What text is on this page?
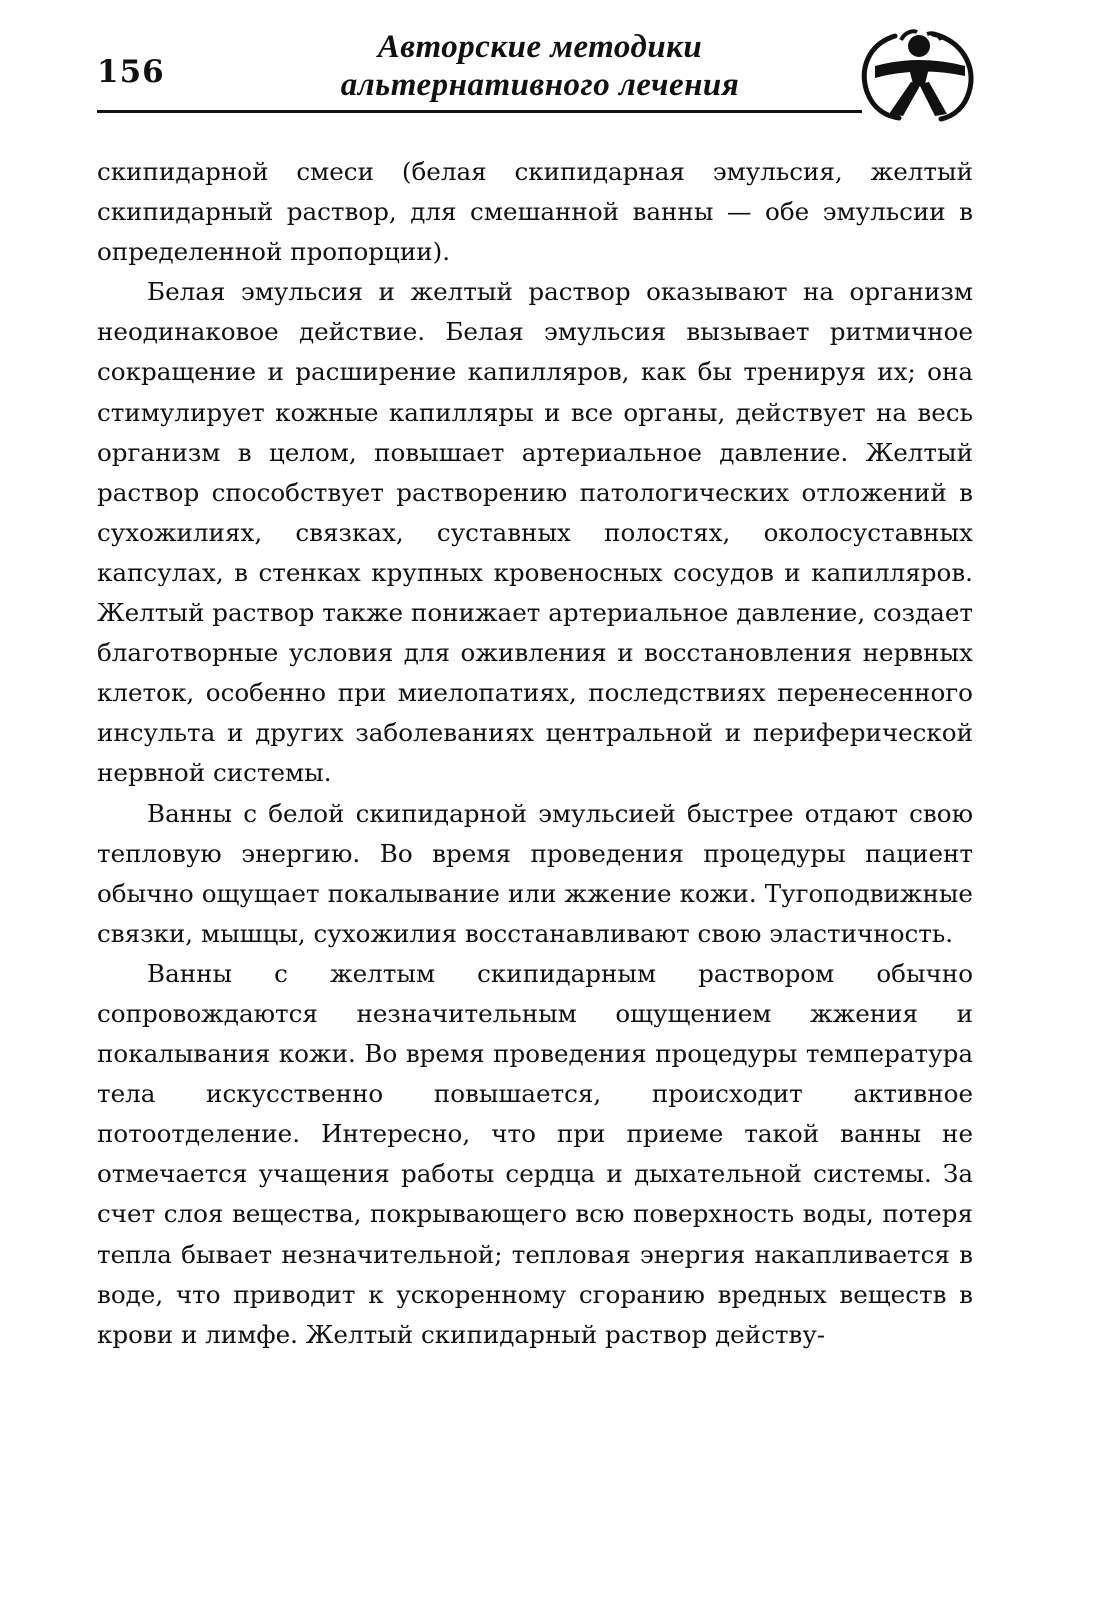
156
Авторские методики
альтернативного лечения

скипидарной смеси (белая скипидарная эмульсия, желтый скипидарный раствор, для смешанной ванны — обе эмульсии в определенной пропорции).

Белая эмульсия и желтый раствор оказывают на организм неодинаковое действие. Белая эмульсия вызывает ритмичное сокращение и расширение капилляров, как бы тренируя их; она стимулирует кожные капилляры и все органы, действует на весь организм в целом, повышает артериальное давление. Желтый раствор способствует растворению патологических отложений в сухожилиях, связках, суставных полостях, околосуставных капсулах, в стенках крупных кровеносных сосудов и капилляров. Желтый раствор также понижает артериальное давление, создает благотворные условия для оживления и восстановления нервных клеток, особенно при миелопатиях, последствиях перенесенного инсульта и других заболеваниях центральной и периферической нервной системы.

Ванны с белой скипидарной эмульсией быстрее отдают свою тепловую энергию. Во время проведения процедуры пациент обычно ощущает покалывание или жжение кожи. Тугоподвижные связки, мышцы, сухожилия восстанавливают свою эластичность.

Ванны с желтым скипидарным раствором обычно сопровождаются незначительным ощущением жжения и покалывания кожи. Во время проведения процедуры температура тела искусственно повышается, происходит активное потоотделение. Интересно, что при приеме такой ванны не отмечается учащения работы сердца и дыхательной системы. За счет слоя вещества, покрывающего всю поверхность воды, потеря тепла бывает незначительной; тепловая энергия накапливается в воде, что приводит к ускоренному сгоранию вредных веществ в крови и лимфе. Желтый скипидарный раствор действу-
